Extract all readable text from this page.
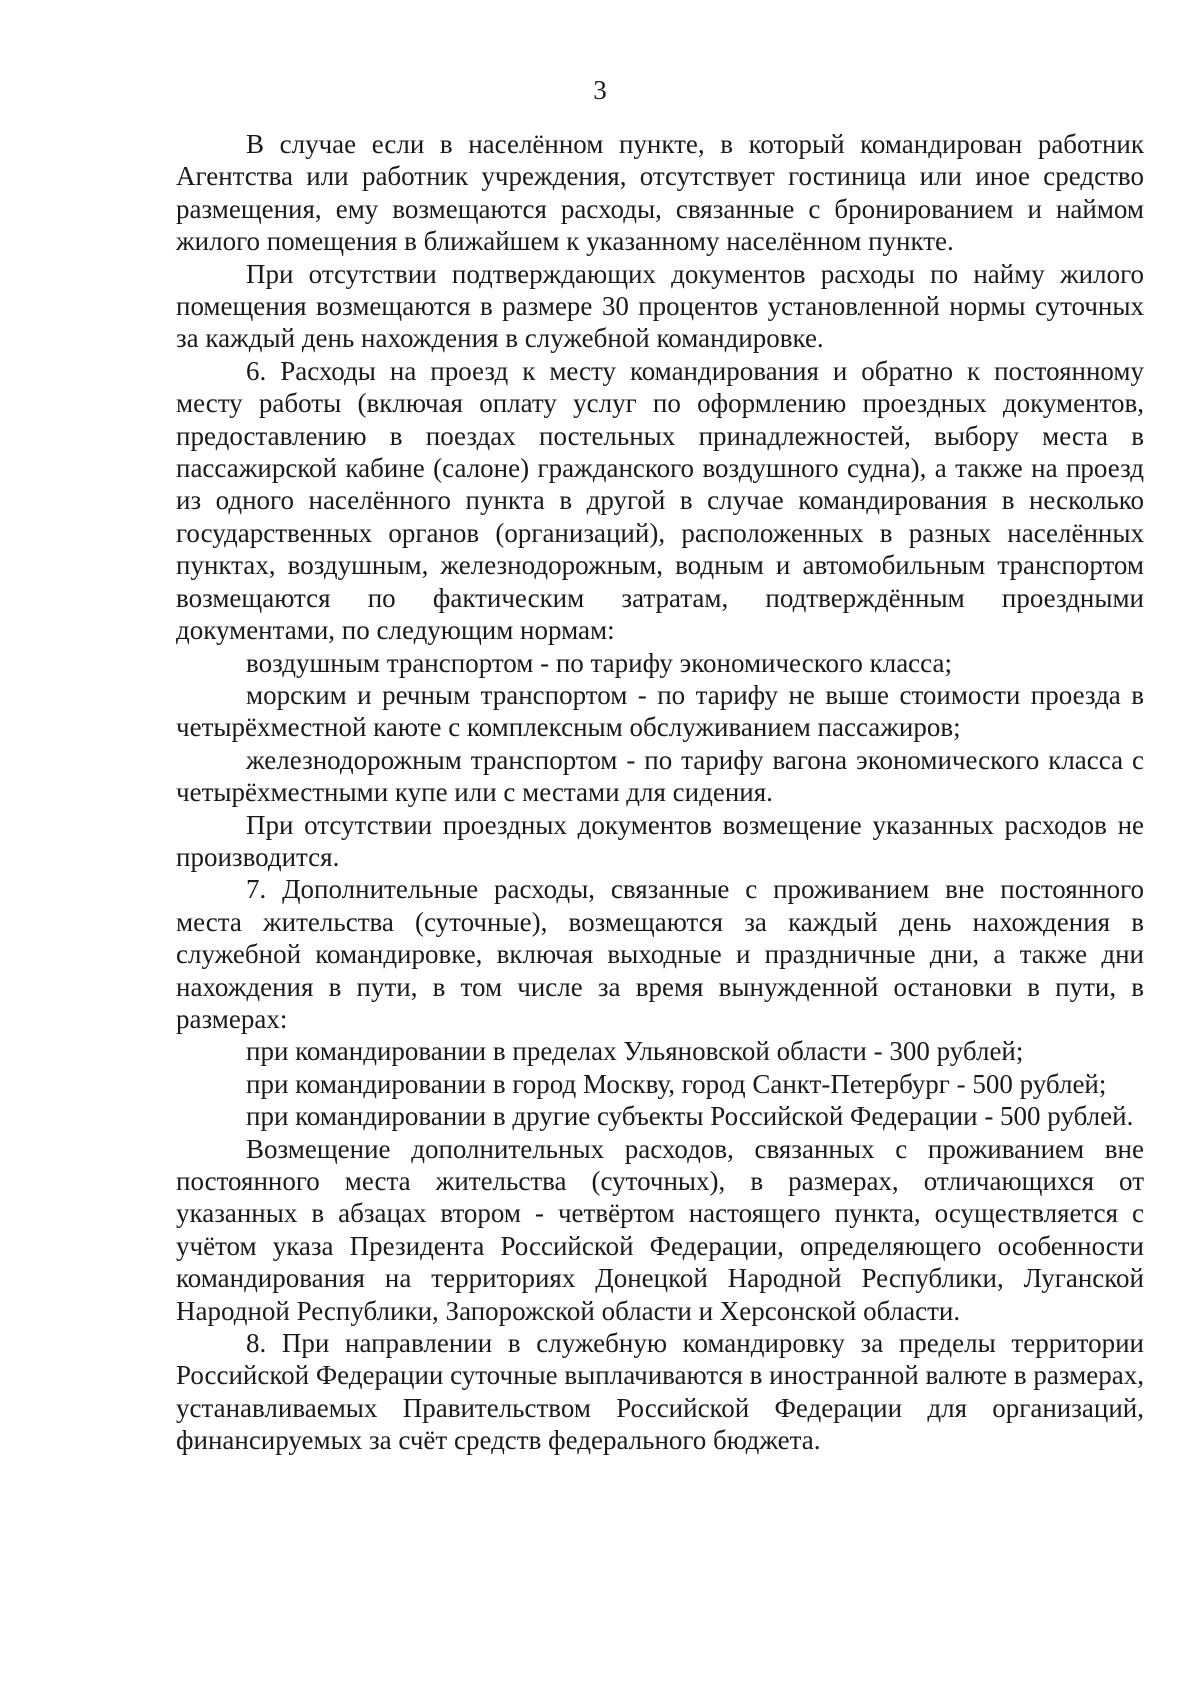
3

В случае если в населённом пункте, в который командирован работник Агентства или работник учреждения, отсутствует гостиница или иное средство размещения, ему возмещаются расходы, связанные с бронированием и наймом жилого помещения в ближайшем к указанному населённом пункте.

При отсутствии подтверждающих документов расходы по найму жилого помещения возмещаются в размере 30 процентов установленной нормы суточных за каждый день нахождения в служебной командировке.

6. Расходы на проезд к месту командирования и обратно к постоянному месту работы (включая оплату услуг по оформлению проездных документов, предоставлению в поездах постельных принадлежностей, выбору места в пассажирской кабине (салоне) гражданского воздушного судна), а также на проезд из одного населённого пункта в другой в случае командирования в несколько государственных органов (организаций), расположенных в разных населённых пунктах, воздушным, железнодорожным, водным и автомобильным транспортом возмещаются по фактическим затратам, подтверждённым проездными документами, по следующим нормам:

воздушным транспортом - по тарифу экономического класса;

морским и речным транспортом - по тарифу не выше стоимости проезда в четырёхместной каюте с комплексным обслуживанием пассажиров;

железнодорожным транспортом - по тарифу вагона экономического класса с четырёхместными купе или с местами для сидения.

При отсутствии проездных документов возмещение указанных расходов не производится.

7. Дополнительные расходы, связанные с проживанием вне постоянного места жительства (суточные), возмещаются за каждый день нахождения в служебной командировке, включая выходные и праздничные дни, а также дни нахождения в пути, в том числе за время вынужденной остановки в пути, в размерах:

при командировании в пределах Ульяновской области - 300 рублей;

при командировании в город Москву, город Санкт-Петербург - 500 рублей;

при командировании в другие субъекты Российской Федерации - 500 рублей.

Возмещение дополнительных расходов, связанных с проживанием вне постоянного места жительства (суточных), в размерах, отличающихся от указанных в абзацах втором - четвёртом настоящего пункта, осуществляется с учётом указа Президента Российской Федерации, определяющего особенности командирования на территориях Донецкой Народной Республики, Луганской Народной Республики, Запорожской области и Херсонской области.

8. При направлении в служебную командировку за пределы территории Российской Федерации суточные выплачиваются в иностранной валюте в размерах, устанавливаемых Правительством Российской Федерации для организаций, финансируемых за счёт средств федерального бюджета.
